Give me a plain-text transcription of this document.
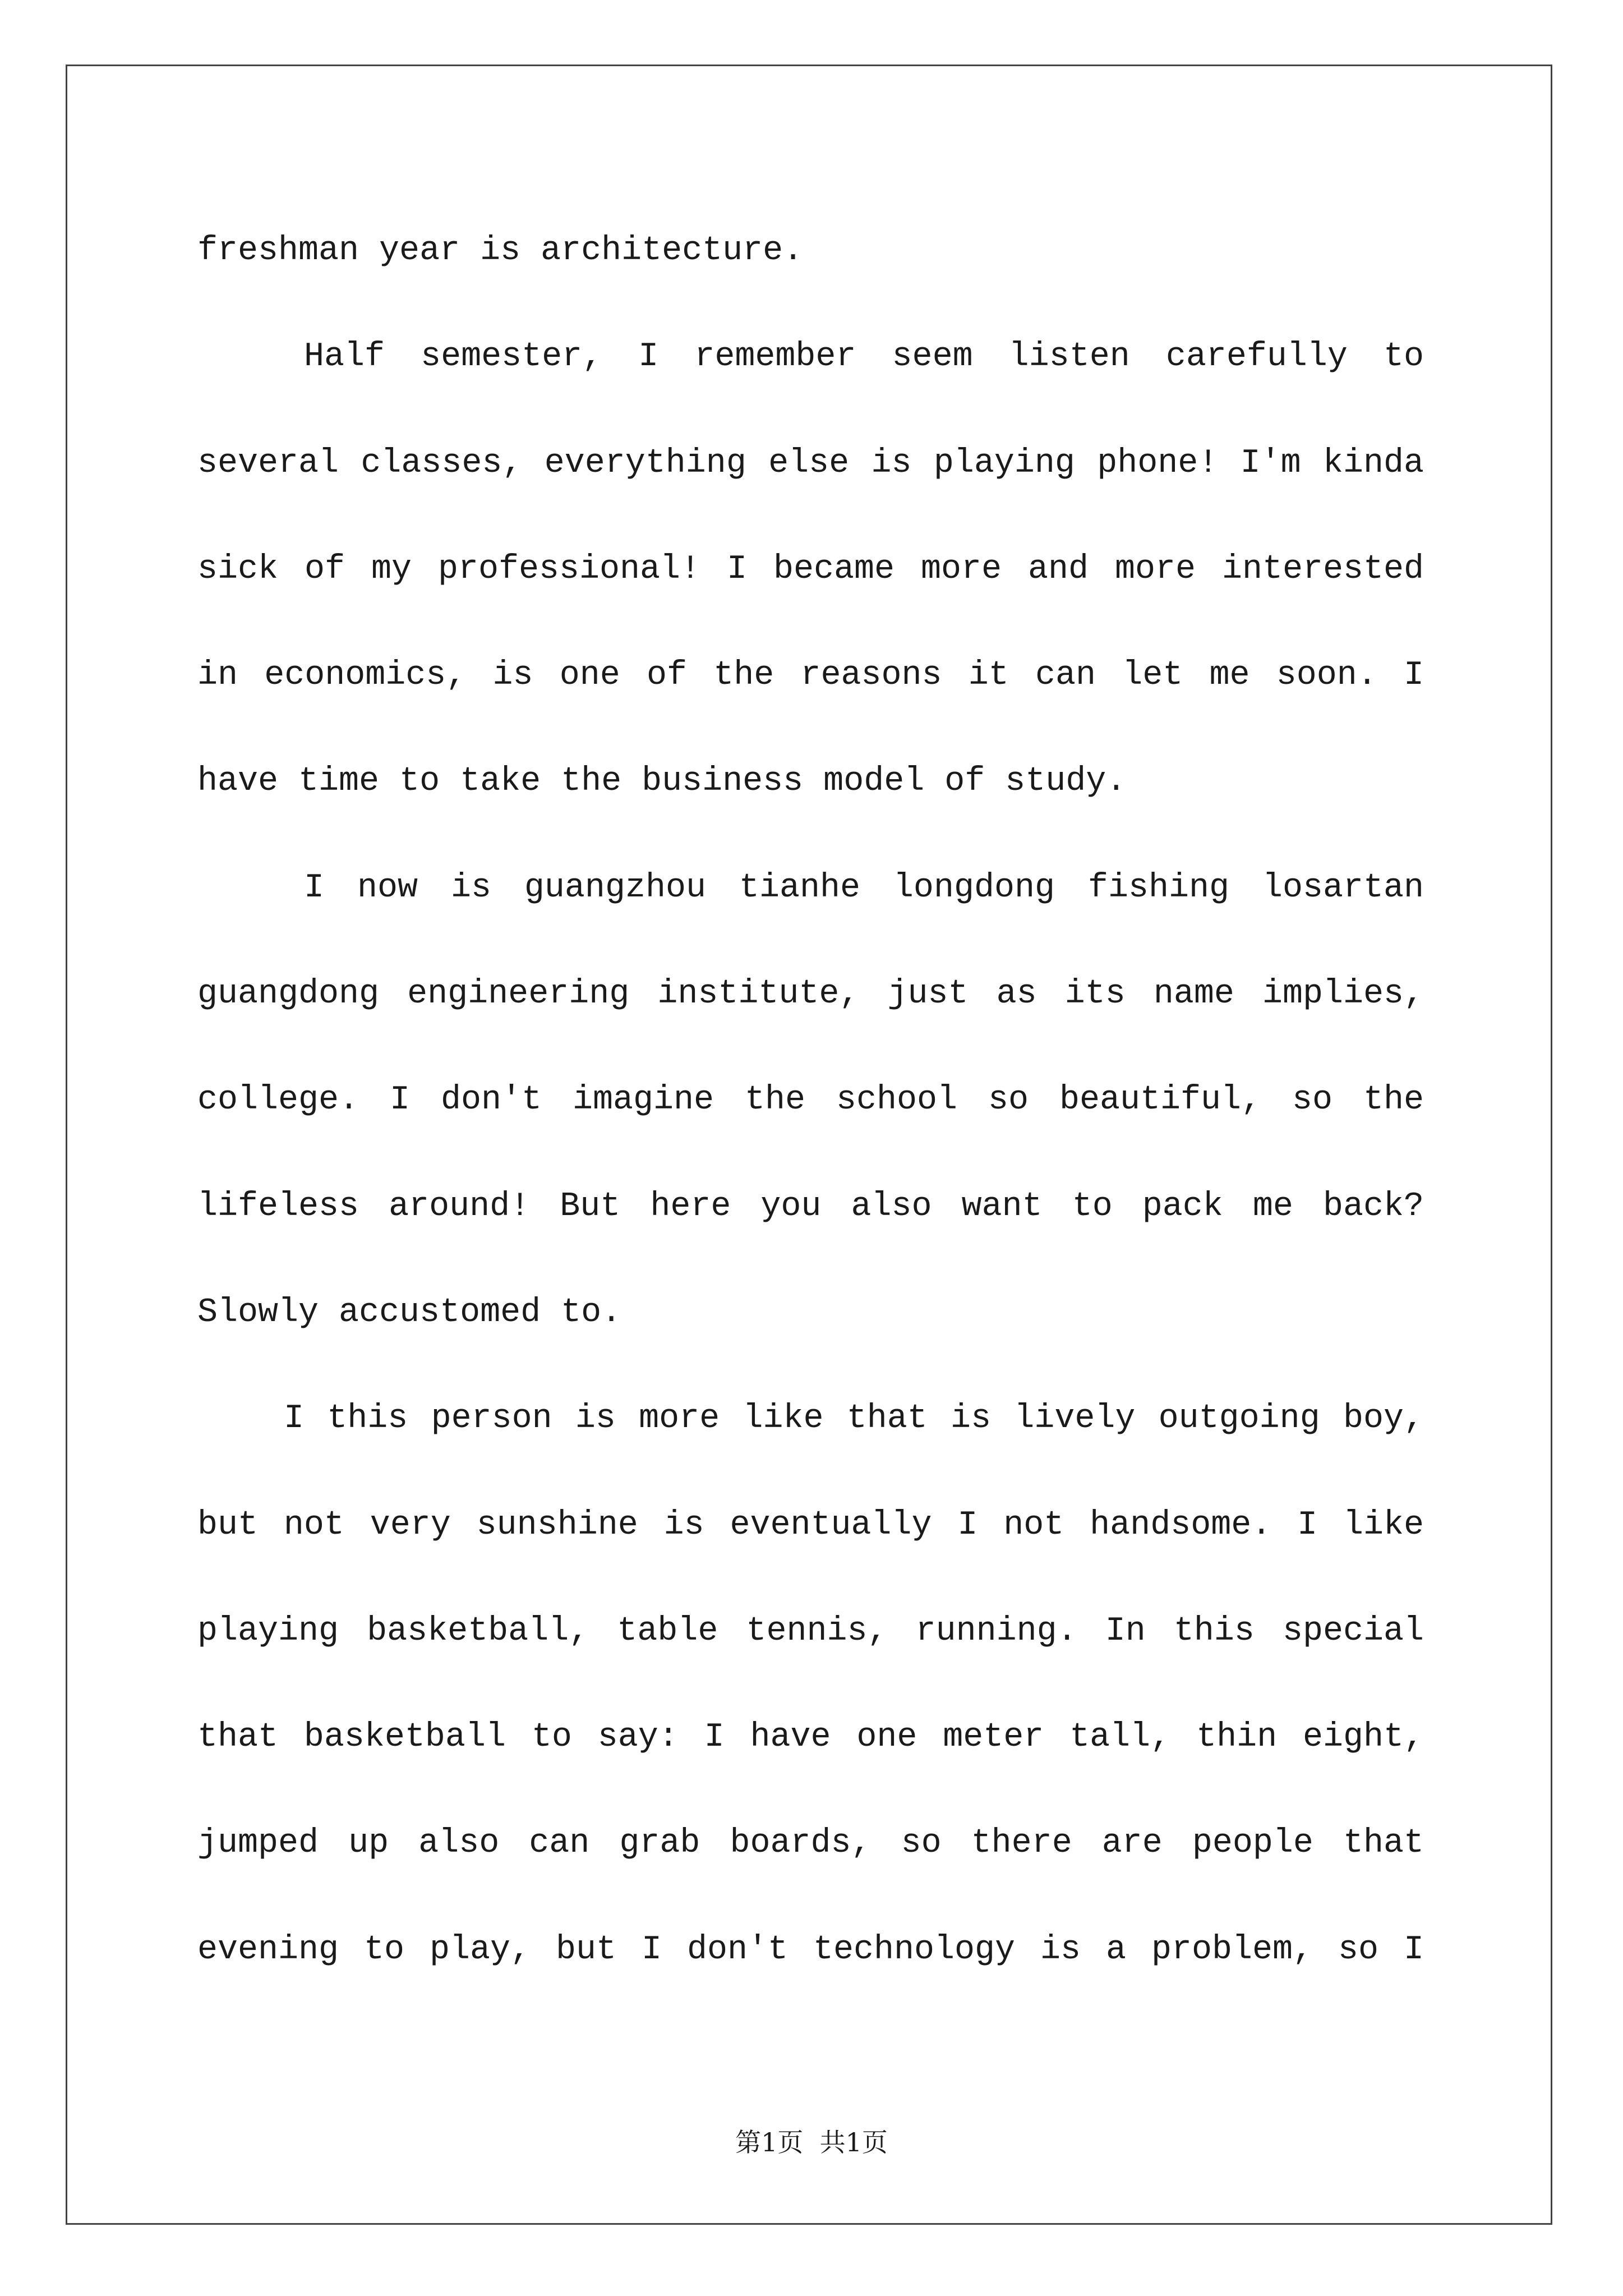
freshman year is architecture.
Half semester, I remember seem listen carefully to
several classes, everything else is playing phone! I'm kinda
sick of my professional! I became more and more interested
in economics, is one of the reasons it can let me soon. I
have time to take the business model of study.
I now is guangzhou tianhe longdong fishing losartan
guangdong engineering institute, just as its name implies,
college. I don't imagine the school so beautiful, so the
lifeless around! But here you also want to pack me back?
Slowly accustomed to.
I this person is more like that is lively outgoing boy,
but not very sunshine is eventually I not handsome. I like
playing basketball, table tennis, running. In this special
that basketball to say: I have one meter tall, thin eight,
jumped up also can grab boards, so there are people that
evening to play, but I don't technology is a problem, so I
第1页  共1页
